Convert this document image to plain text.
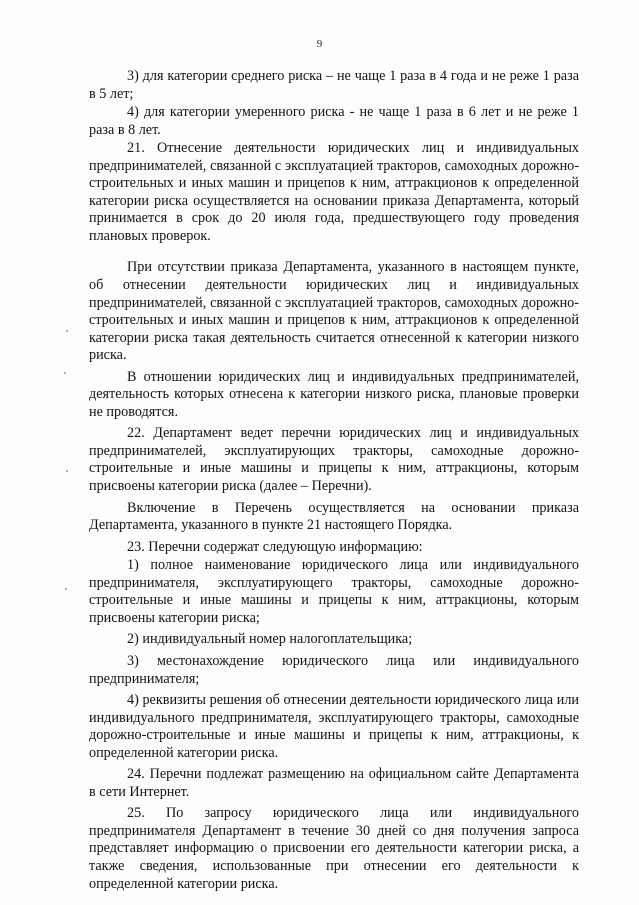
9

3) для категории среднего риска – не чаще 1 раза в 4 года и не реже 1 раза в 5 лет;

4) для категории умеренного риска - не чаще 1 раза в 6 лет и не реже 1 раза в 8 лет.

21. Отнесение деятельности юридических лиц и индивидуальных предпринимателей, связанной с эксплуатацией тракторов, самоходных дорожно-строительных и иных машин и прицепов к ним, аттракционов к определенной категории риска осуществляется на основании приказа Департамента, который принимается в срок до 20 июля года, предшествующего году проведения плановых проверок.

При отсутствии приказа Департамента, указанного в настоящем пункте, об отнесении деятельности юридических лиц и индивидуальных предпринимателей, связанной с эксплуатацией тракторов, самоходных дорожно-строительных и иных машин и прицепов к ним, аттракционов к определенной категории риска такая деятельность считается отнесенной к категории низкого риска.

В отношении юридических лиц и индивидуальных предпринимателей, деятельность которых отнесена к категории низкого риска, плановые проверки не проводятся.

22. Департамент ведет перечни юридических лиц и индивидуальных предпринимателей, эксплуатирующих тракторы, самоходные дорожно-строительные и иные машины и прицепы к ним, аттракционы, которым присвоены категории риска (далее – Перечни).

Включение в Перечень осуществляется на основании приказа Департамента, указанного в пункте 21 настоящего Порядка.

23. Перечни содержат следующую информацию:

1) полное наименование юридического лица или индивидуального предпринимателя, эксплуатирующего тракторы, самоходные дорожно-строительные и иные машины и прицепы к ним, аттракционы, которым присвоены категории риска;

2) индивидуальный номер налогоплательщика;

3) местонахождение юридического лица или индивидуального предпринимателя;

4) реквизиты решения об отнесении деятельности юридического лица или индивидуального предпринимателя, эксплуатирующего тракторы, самоходные дорожно-строительные и иные машины и прицепы к ним, аттракционы, к определенной категории риска.

24. Перечни подлежат размещению на официальном сайте Департамента в сети Интернет.

25. По запросу юридического лица или индивидуального предпринимателя Департамент в течение 30 дней со дня получения запроса представляет информацию о присвоении его деятельности категории риска, а также сведения, использованные при отнесении его деятельности к определенной категории риска.
